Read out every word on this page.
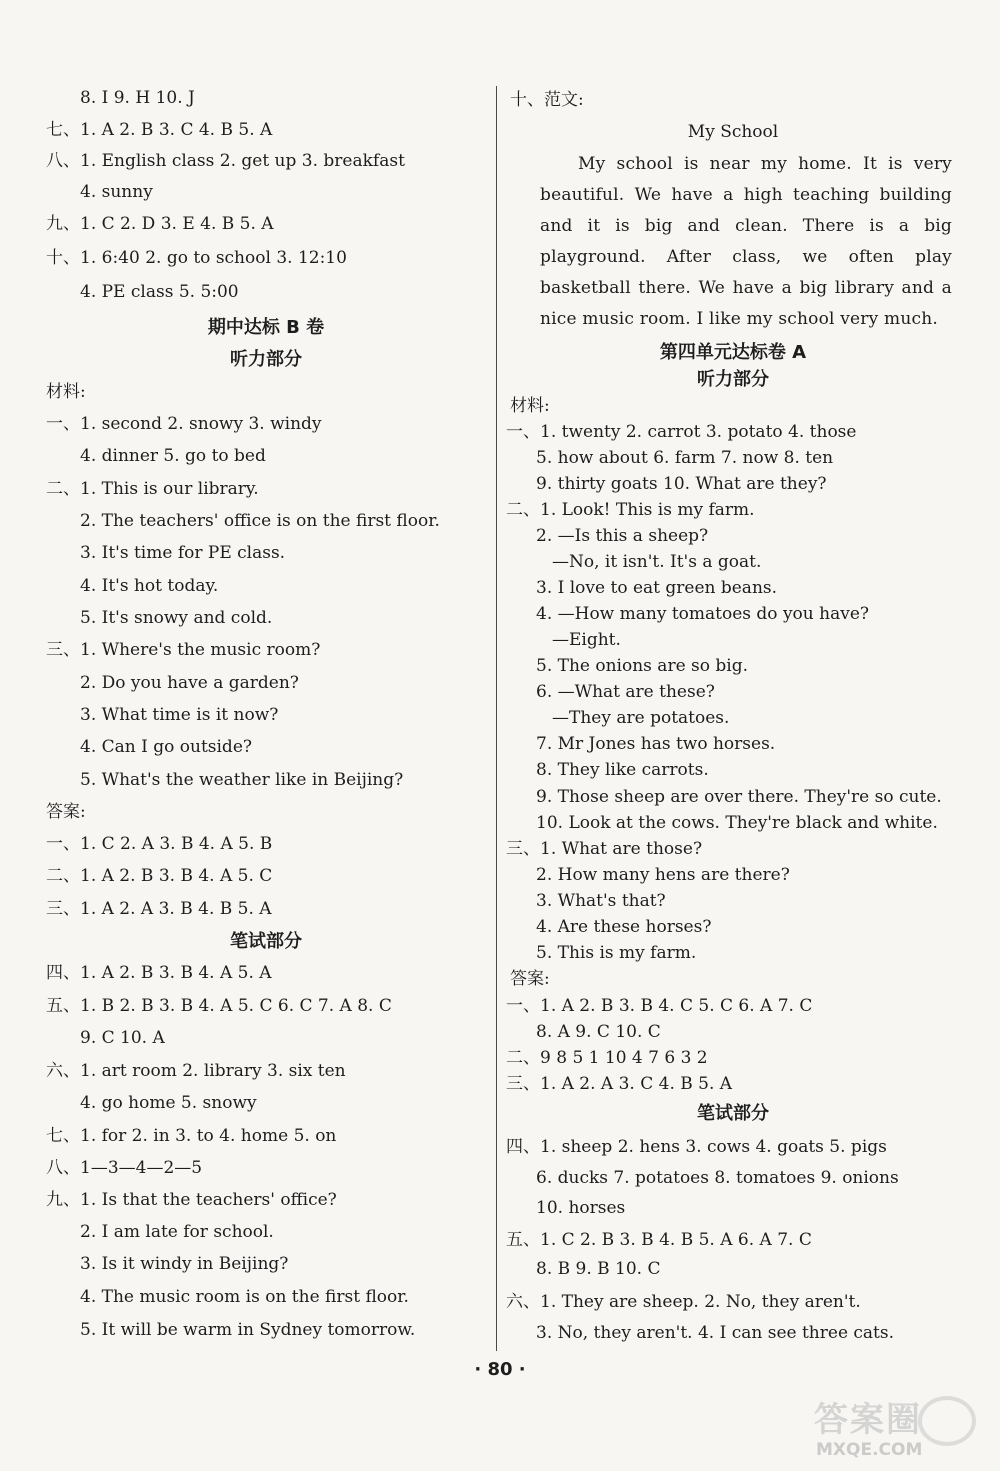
8. I 9. H 10. J
七、1. A 2. B 3. C 4. B 5. A
八、1. English class 2. get up 3. breakfast
4. sunny
九、1. C 2. D 3. E 4. B 5. A
十、1. 6:40 2. go to school 3. 12:10
4. PE class 5. 5:00
期中达标 B 卷
听力部分
材料:
一、1. second 2. snowy 3. windy
4. dinner 5. go to bed
二、1. This is our library.
2. The teachers' office is on the first floor.
3. It's time for PE class.
4. It's hot today.
5. It's snowy and cold.
三、1. Where's the music room?
2. Do you have a garden?
3. What time is it now?
4. Can I go outside?
5. What's the weather like in Beijing?
答案:
一、1. C 2. A 3. B 4. A 5. B
二、1. A 2. B 3. B 4. A 5. C
三、1. A 2. A 3. B 4. B 5. A
笔试部分
四、1. A 2. B 3. B 4. A 5. A
五、1. B 2. B 3. B 4. A 5. C 6. C 7. A 8. C
9. C 10. A
六、1. art room 2. library 3. six ten
4. go home 5. snowy
七、1. for 2. in 3. to 4. home 5. on
八、1—3—4—2—5
九、1. Is that the teachers' office?
2. I am late for school.
3. Is it windy in Beijing?
4. The music room is on the first floor.
5. It will be warm in Sydney tomorrow.
十、范文:
My School
My school is near my home. It is very beautiful. We have a high teaching building and it is big and clean. There is a big playground. After class, we often play basketball there. We have a big library and a nice music room. I like my school very much.
第四单元达标卷 A
听力部分
材料:
一、1. twenty 2. carrot 3. potato 4. those
5. how about 6. farm 7. now 8. ten
9. thirty goats 10. What are they?
二、1. Look! This is my farm.
2. —Is this a sheep?
—No, it isn't. It's a goat.
3. I love to eat green beans.
4. —How many tomatoes do you have?
—Eight.
5. The onions are so big.
6. —What are these?
—They are potatoes.
7. Mr Jones has two horses.
8. They like carrots.
9. Those sheep are over there. They're so cute.
10. Look at the cows. They're black and white.
三、1. What are those?
2. How many hens are there?
3. What's that?
4. Are these horses?
5. This is my farm.
答案:
一、1. A 2. B 3. B 4. C 5. C 6. A 7. C
8. A 9. C 10. C
二、9 8 5 1 10 4 7 6 3 2
三、1. A 2. A 3. C 4. B 5. A
笔试部分
四、1. sheep 2. hens 3. cows 4. goats 5. pigs
6. ducks 7. potatoes 8. tomatoes 9. onions
10. horses
五、1. C 2. B 3. B 4. B 5. A 6. A 7. C
8. B 9. B 10. C
六、1. They are sheep. 2. No, they aren't.
3. No, they aren't. 4. I can see three cats.
· 80 ·
答案圈
MXQE.COM
